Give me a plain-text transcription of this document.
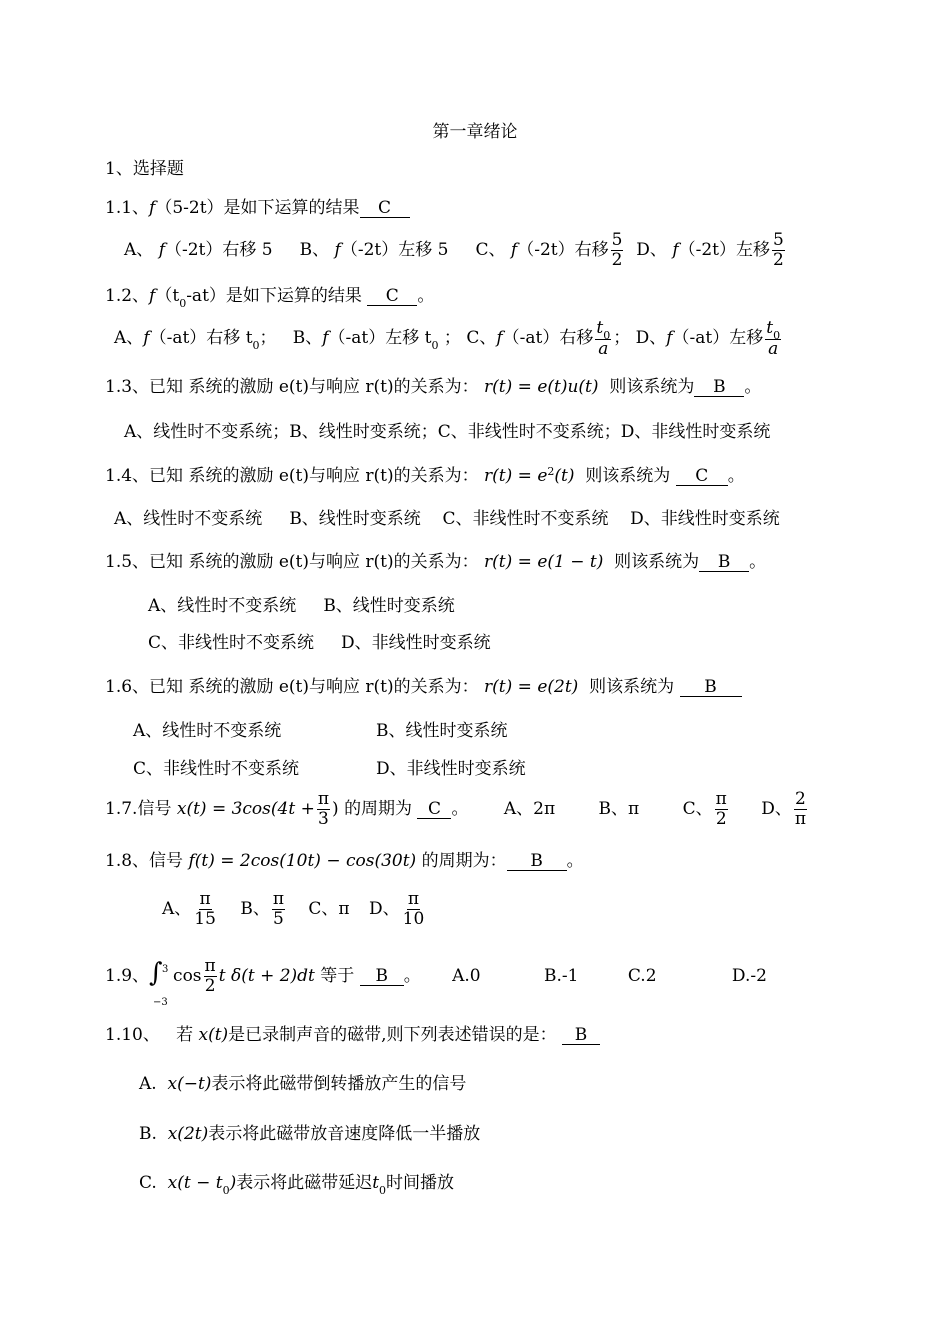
第一章绪论
1、选择题
1.1、f（5-2t）是如下运算的结果 C
A、 f（-2t）右移 5 B、 f（-2t）左移 5 C、 f（-2t）右移 $\frac{5}{2}$ D、 f（-2t）左移 $\frac{5}{2}$
1.2、$f(t_0-at)$是如下运算的结果 C 。
A、f（-at）右移 $t_0$； B、f（-at）左移 $t_0$ ； C、f（-at）右移 $\frac{t_0}{a}$ ； D、f（-at）左移 $\frac{t_0}{a}$
1.3、已知 系统的激励 e(t)与响应 r(t)的关系为： r(t) = e(t)u(t) 则该系统为 B 。
A、线性时不变系统；B、线性时变系统；C、非线性时不变系统；D、非线性时变系统
1.4、已知 系统的激励 e(t)与响应 r(t)的关系为： $r(t) = e^2(t)$ 则该系统为 C 。
A、线性时不变系统 B、线性时变系统 C、非线性时不变系统 D、非线性时变系统
1.5、已知 系统的激励 e(t)与响应 r(t)的关系为： r(t) = e(1 − t) 则该系统为 B 。
A、线性时不变系统 B、线性时变系统
C、非线性时不变系统 D、非线性时变系统
1.6、已知 系统的激励 e(t)与响应 r(t)的关系为： r(t) = e(2t) 则该系统为 B
A、线性时不变系统	B、线性时变系统
C、非线性时不变系统	D、非线性时变系统
1.7.信号 $x(t) = 3\cos(4t + \frac{\pi}{3}$ ) 的周期为 C 。 A、2π	B、π	C、 $\frac{\pi}{2}$ D、 $\frac{2}{\pi}$
1.8、信号 f(t) = 2cos(10t) − cos(30t) 的周期为： B 。
A、 $\frac{\pi}{15}$ B、 $\frac{\pi}{5}$ C、π D、 $\frac{\pi}{10}$
1.9、∫ 3
−3
$\cos \frac{\pi}{2}$ t δ(t + 2)dt 等于 B 。 A.0	B.-1	C.2	D.-2
1.10、 若 x(t)是已录制声音的磁带,则下列表述错误的是： B
A. x(−t)表示将此磁带倒转播放产生的信号
B. x(2t)表示将此磁带放音速度降低一半播放
C. $x(t - t_0)$表示将此磁带延迟$t_0$时间播放
